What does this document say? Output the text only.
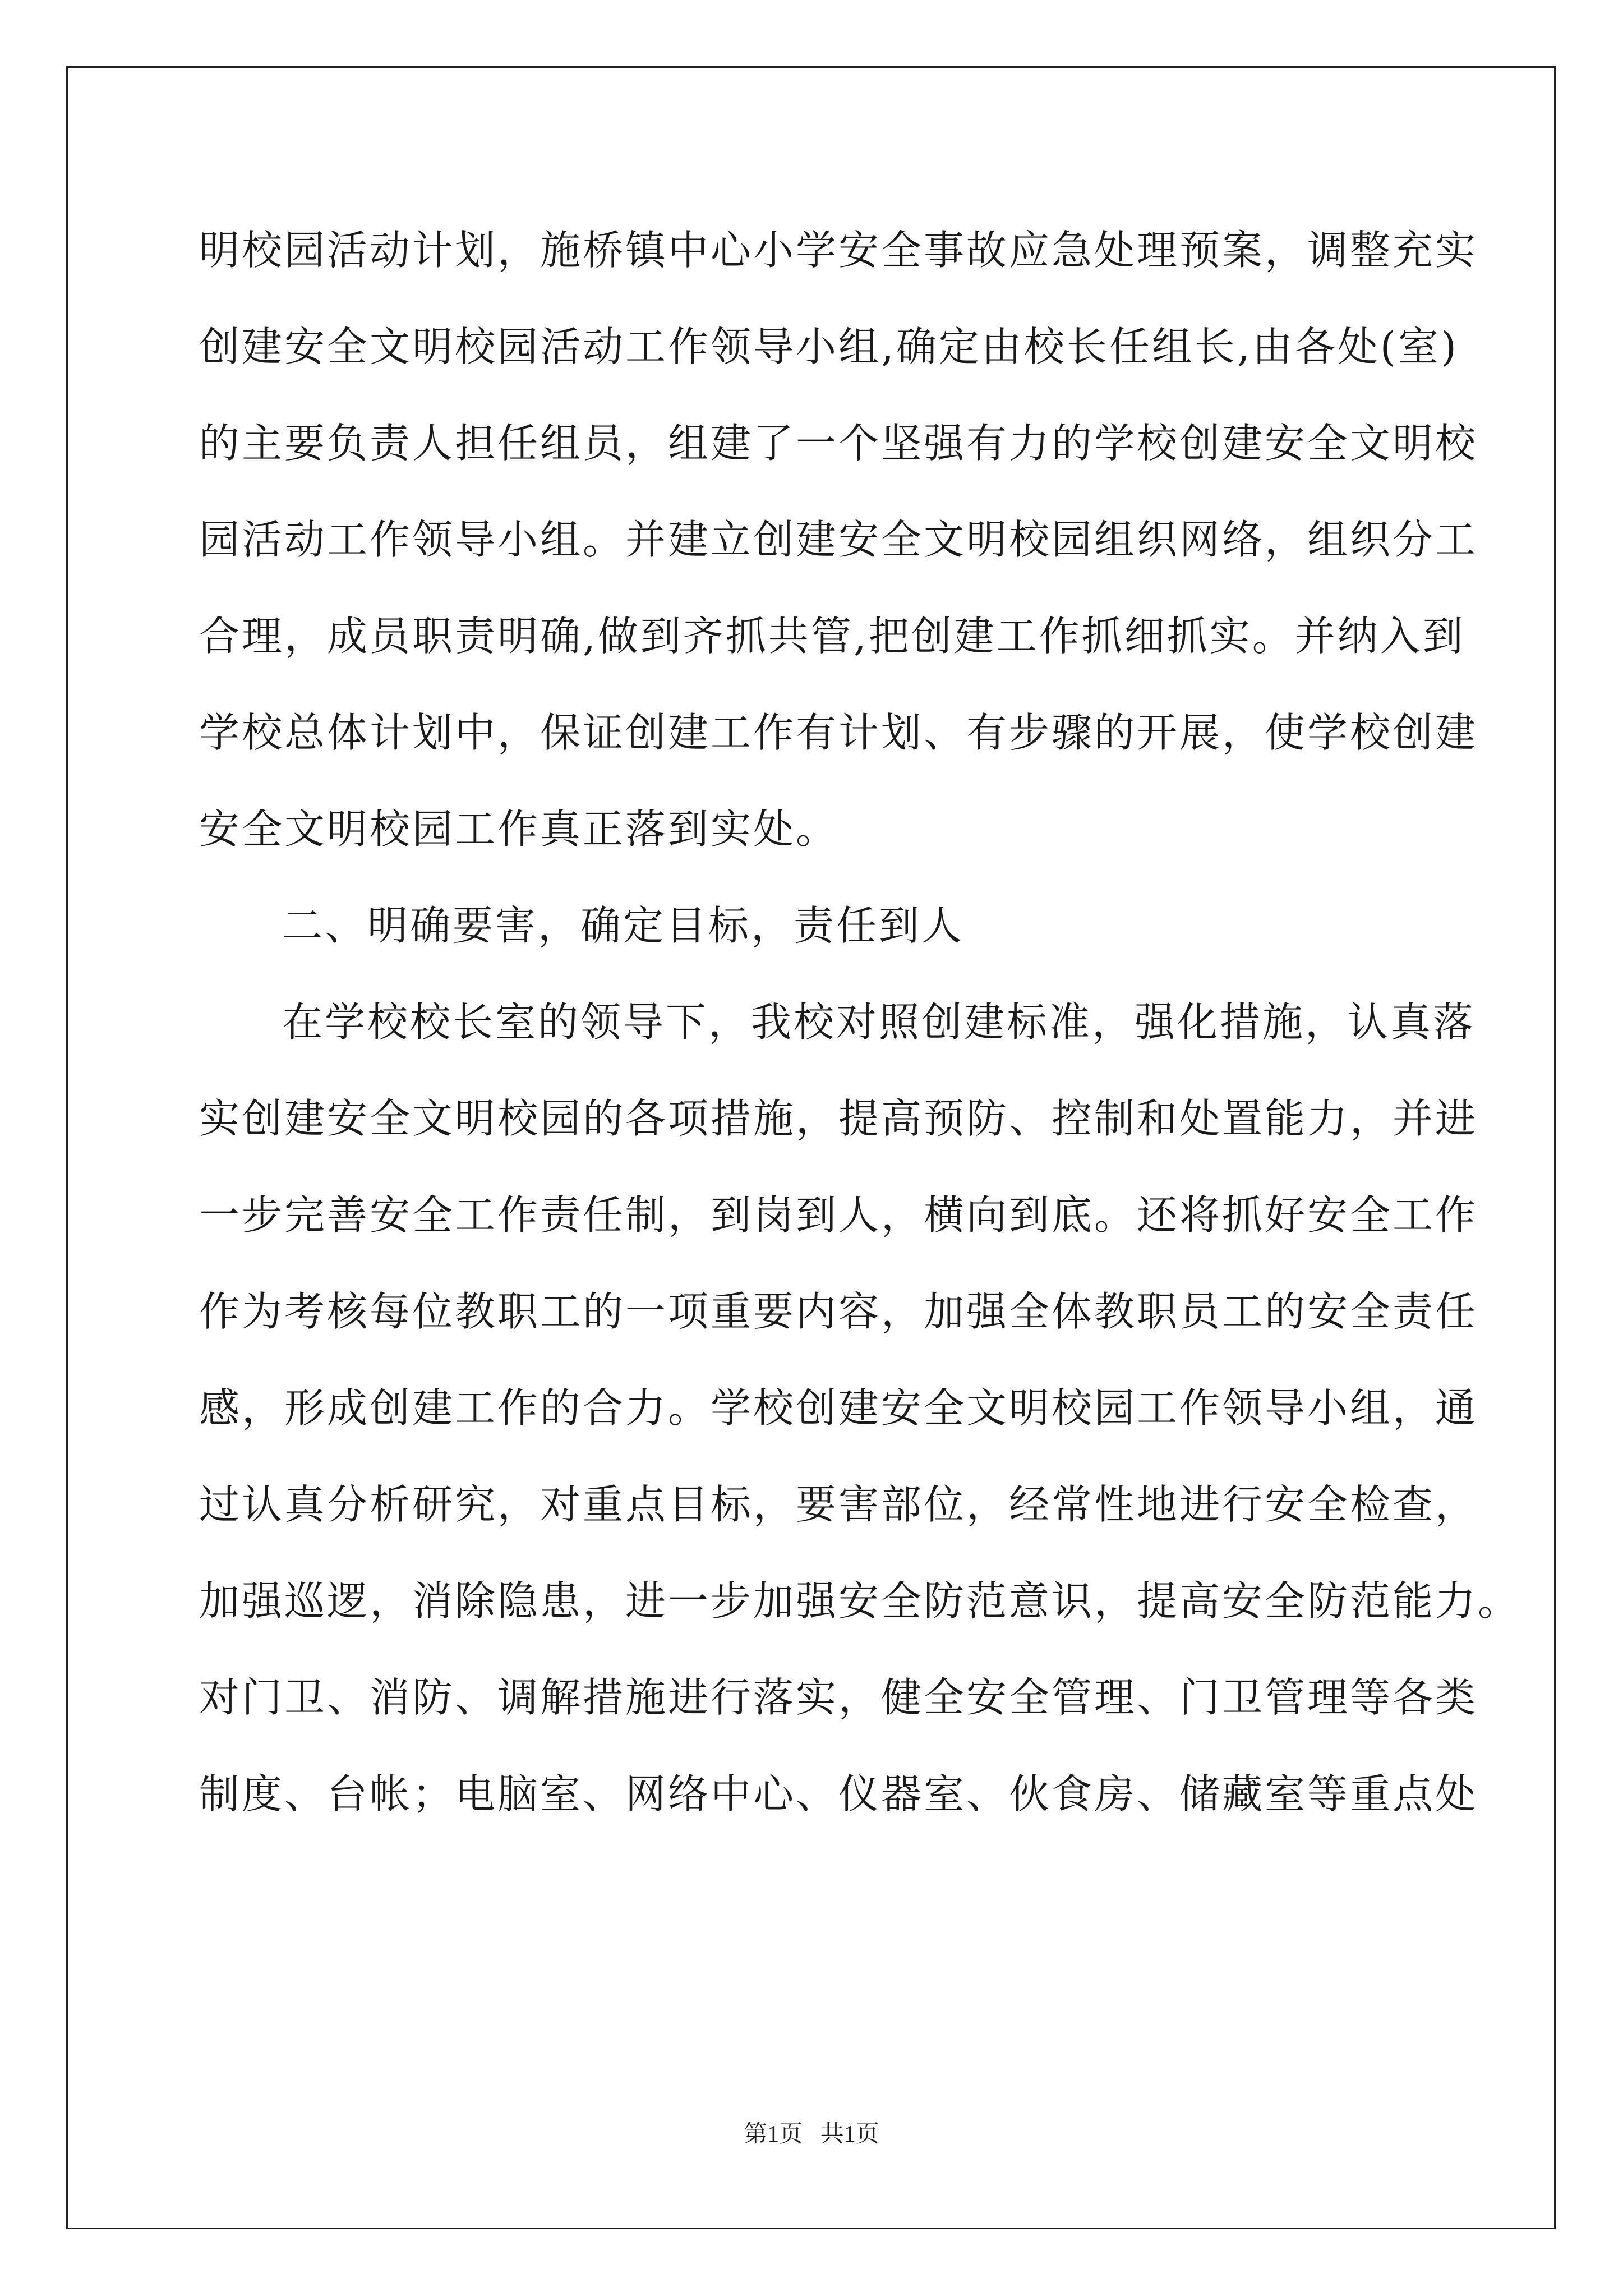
明校园活动计划，施桥镇中心小学安全事故应急处理预案，调整充实
创建安全文明校园活动工作领导小组,确定由校长任组长,由各处(室)
的主要负责人担任组员，组建了一个坚强有力的学校创建安全文明校
园活动工作领导小组。并建立创建安全文明校园组织网络，组织分工
合理，成员职责明确,做到齐抓共管,把创建工作抓细抓实。并纳入到
学校总体计划中，保证创建工作有计划、有步骤的开展，使学校创建
安全文明校园工作真正落到实处。
二、明确要害，确定目标，责任到人
在学校校长室的领导下，我校对照创建标准，强化措施，认真落
实创建安全文明校园的各项措施，提高预防、控制和处置能力，并进
一步完善安全工作责任制，到岗到人，横向到底。还将抓好安全工作
作为考核每位教职工的一项重要内容，加强全体教职员工的安全责任
感，形成创建工作的合力。学校创建安全文明校园工作领导小组，通
过认真分析研究，对重点目标，要害部位，经常性地进行安全检查，
加强巡逻，消除隐患，进一步加强安全防范意识，提高安全防范能力。
对门卫、消防、调解措施进行落实，健全安全管理、门卫管理等各类
制度、台帐；电脑室、网络中心、仪器室、伙食房、储藏室等重点处
第1页   共1页
